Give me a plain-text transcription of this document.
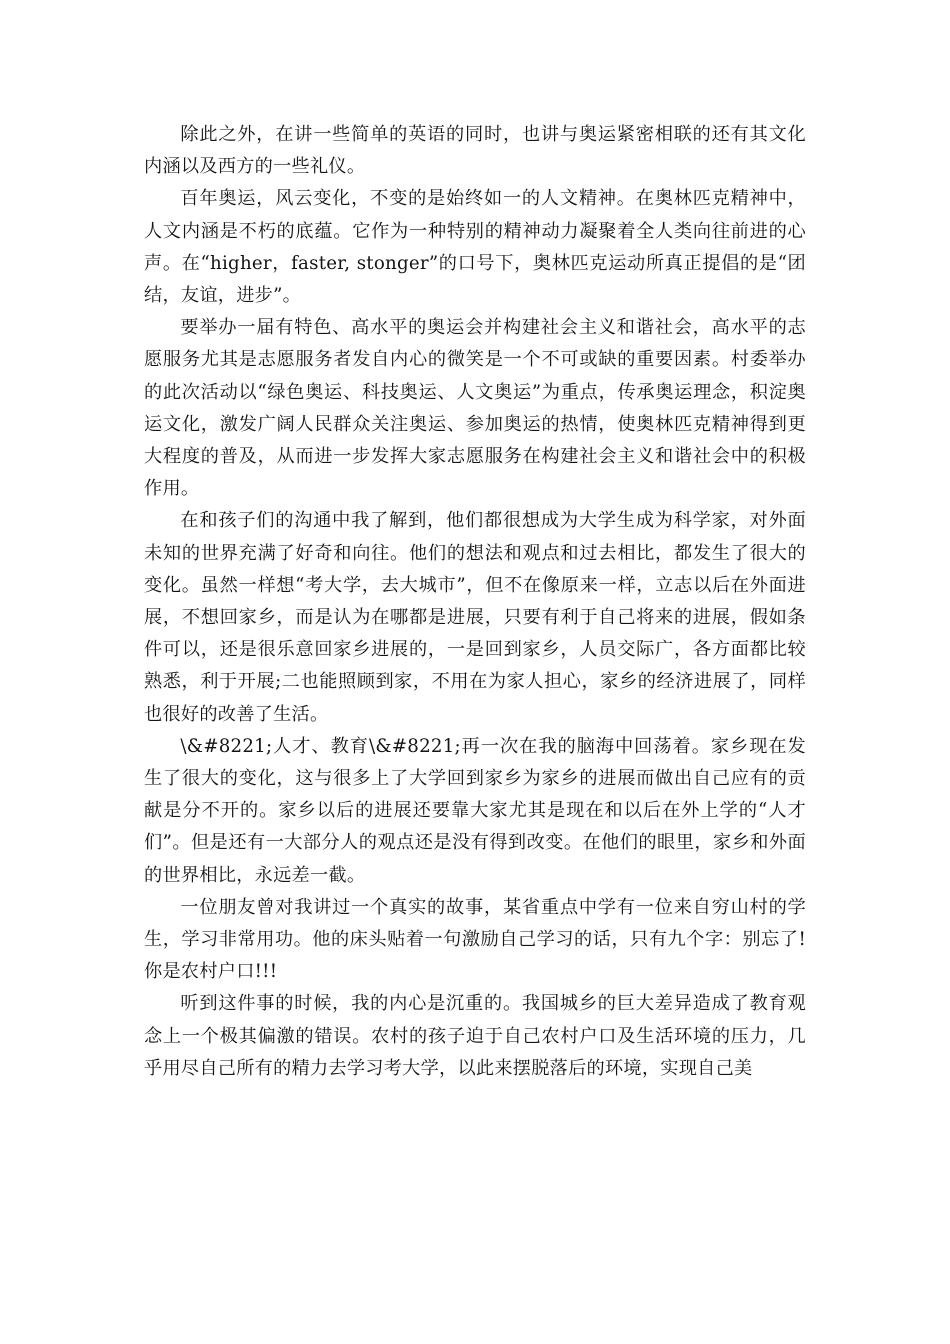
除此之外，在讲一些简单的英语的同时，也讲与奥运紧密相联的还有其文化内涵以及西方的一些礼仪。

百年奥运，风云变化，不变的是始终如一的人文精神。在奥林匹克精神中，人文内涵是不朽的底蕴。它作为一种特别的精神动力凝聚着全人类向往前进的心声。在“higher，faster, stonger”的口号下，奥林匹克运动所真正提倡的是“团结，友谊，进步”。

要举办一届有特色、高水平的奥运会并构建社会主义和谐社会，高水平的志愿服务尤其是志愿服务者发自内心的微笑是一个不可或缺的重要因素。村委举办的此次活动以“绿色奥运、科技奥运、人文奥运”为重点，传承奥运理念，积淀奥运文化，激发广阔人民群众关注奥运、参加奥运的热情，使奥林匹克精神得到更大程度的普及，从而进一步发挥大家志愿服务在构建社会主义和谐社会中的积极作用。

在和孩子们的沟通中我了解到，他们都很想成为大学生成为科学家，对外面未知的世界充满了好奇和向往。他们的想法和观点和过去相比，都发生了很大的变化。虽然一样想“考大学，去大城市”，但不在像原来一样，立志以后在外面进展，不想回家乡，而是认为在哪都是进展，只要有利于自己将来的进展，假如条件可以，还是很乐意回家乡进展的，一是回到家乡，人员交际广，各方面都比较熟悉，利于开展;二也能照顾到家，不用在为家人担心，家乡的经济进展了，同样也很好的改善了生活。

\&#8221;人才、教育\&#8221;再一次在我的脑海中回荡着。家乡现在发生了很大的变化，这与很多上了大学回到家乡为家乡的进展而做出自己应有的贡献是分不开的。家乡以后的进展还要靠大家尤其是现在和以后在外上学的“人才们”。但是还有一大部分人的观点还是没有得到改变。在他们的眼里，家乡和外面的世界相比，永远差一截。

一位朋友曾对我讲过一个真实的故事，某省重点中学有一位来自穷山村的学生，学习非常用功。他的床头贴着一句激励自己学习的话，只有九个字：别忘了!你是农村户口!!!

听到这件事的时候，我的内心是沉重的。我国城乡的巨大差异造成了教育观念上一个极其偏激的错误。农村的孩子迫于自己农村户口及生活环境的压力，几乎用尽自己所有的精力去学习考大学，以此来摆脱落后的环境，实现自己美
